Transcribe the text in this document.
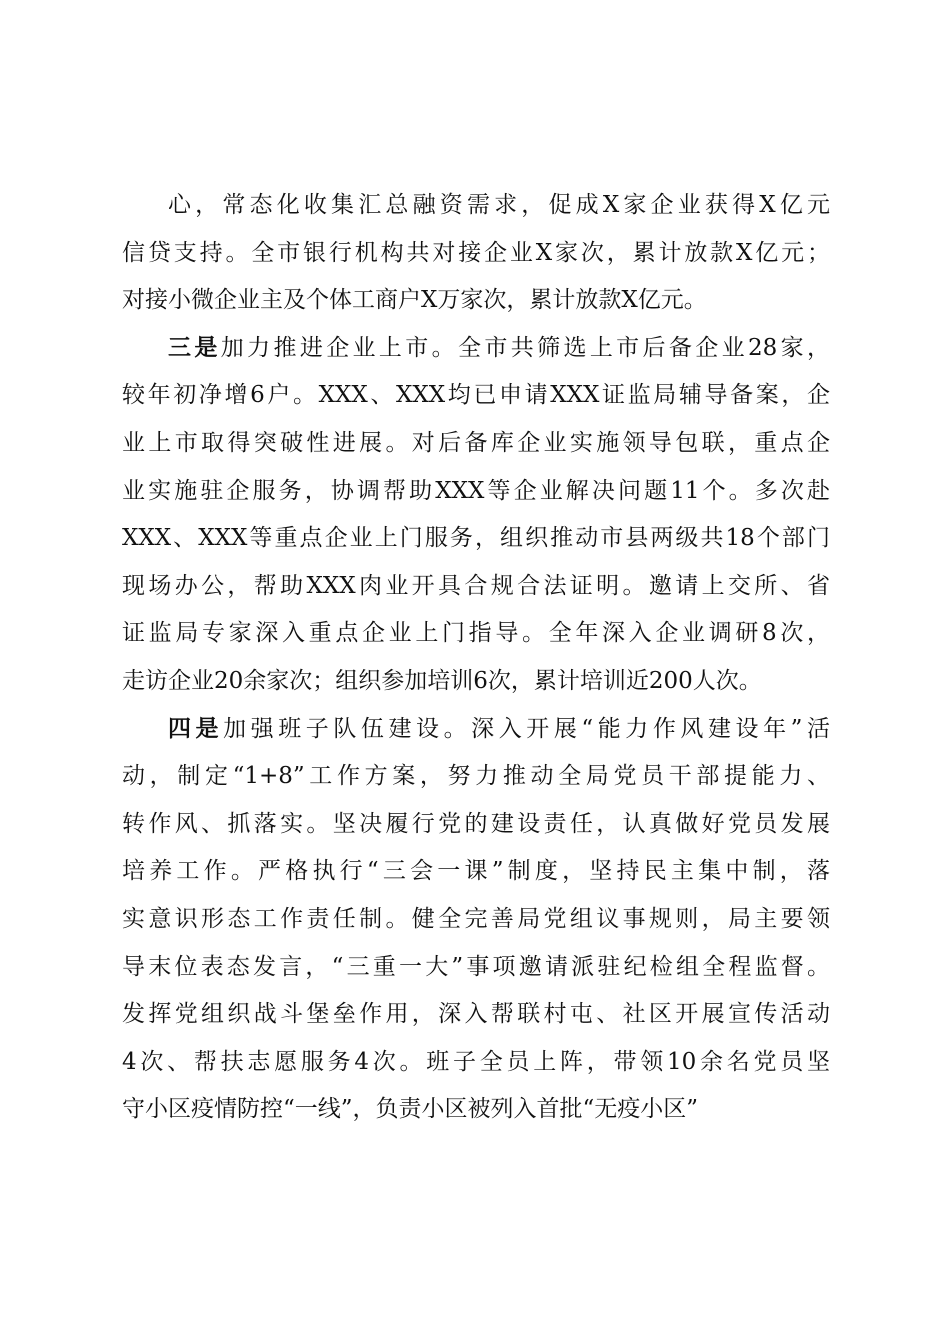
心，常态化收集汇总融资需求，促成X家企业获得X亿元
信贷支持。全市银行机构共对接企业X家次，累计放款X亿元；
对接小微企业主及个体工商户X万家次，累计放款X亿元。
三是加力推进企业上市。全市共筛选上市后备企业28家，
较年初净增6户。XXX、XXX均已申请XXX证监局辅导备案，企
业上市取得突破性进展。对后备库企业实施领导包联，重点企
业实施驻企服务，协调帮助XXX等企业解决问题11个。多次赴
XXX、XXX等重点企业上门服务，组织推动市县两级共18个部门
现场办公，帮助XXX肉业开具合规合法证明。邀请上交所、省
证监局专家深入重点企业上门指导。全年深入企业调研8次，
走访企业20余家次；组织参加培训6次，累计培训近200人次。
四是加强班子队伍建设。深入开展“能力作风建设年”活
动，制定“1+8”工作方案，努力推动全局党员干部提能力、
转作风、抓落实。坚决履行党的建设责任，认真做好党员发展
培养工作。严格执行“三会一课”制度，坚持民主集中制，落
实意识形态工作责任制。健全完善局党组议事规则，局主要领
导末位表态发言，“三重一大”事项邀请派驻纪检组全程监督。
发挥党组织战斗堡垒作用，深入帮联村屯、社区开展宣传活动
4次、帮扶志愿服务4次。班子全员上阵，带领10余名党员坚
守小区疫情防控“一线”，负责小区被列入首批“无疫小区”
